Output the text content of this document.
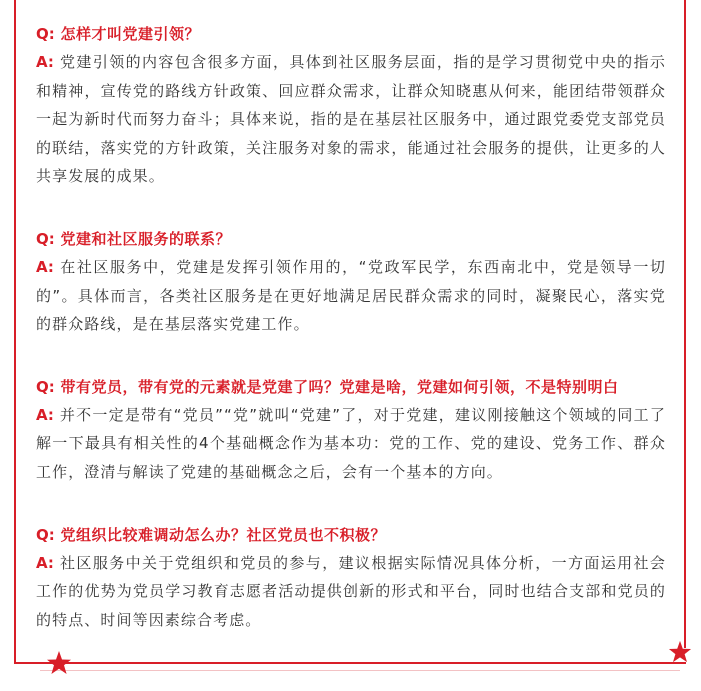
Q: 怎样才叫党建引领？
A: 党建引领的内容包含很多方面，具体到社区服务层面，指的是学习贯彻党中央的指示和精神，宣传党的路线方针政策、回应群众需求，让群众知晓惠从何来，能团结带领群众一起为新时代而努力奋斗；具体来说，指的是在基层社区服务中，通过跟党委党支部党员的联结，落实党的方针政策，关注服务对象的需求，能通过社会服务的提供，让更多的人共享发展的成果。
Q: 党建和社区服务的联系？
A: 在社区服务中，党建是发挥引领作用的，“党政军民学，东西南北中，党是领导一切的”。具体而言，各类社区服务是在更好地满足居民群众需求的同时，凝聚民心，落实党的群众路线，是在基层落实党建工作。
Q: 带有党员，带有党的元素就是党建了吗？党建是啥，党建如何引领，不是特别明白
A: 并不一定是带有“党员”“党”就叫“党建”了，对于党建，建议刚接触这个领域的同工了解一下最具有相关性的4个基础概念作为基本功：党的工作、党的建设、党务工作、群众工作，澄清与解读了党建的基础概念之后，会有一个基本的方向。
Q: 党组织比较难调动怎么办？社区党员也不积极？
A: 社区服务中关于党组织和党员的参与，建议根据实际情况具体分析，一方面运用社会工作的优势为党员学习教育志愿者活动提供创新的形式和平台，同时也结合支部和党员的的特点、时间等因素综合考虑。
